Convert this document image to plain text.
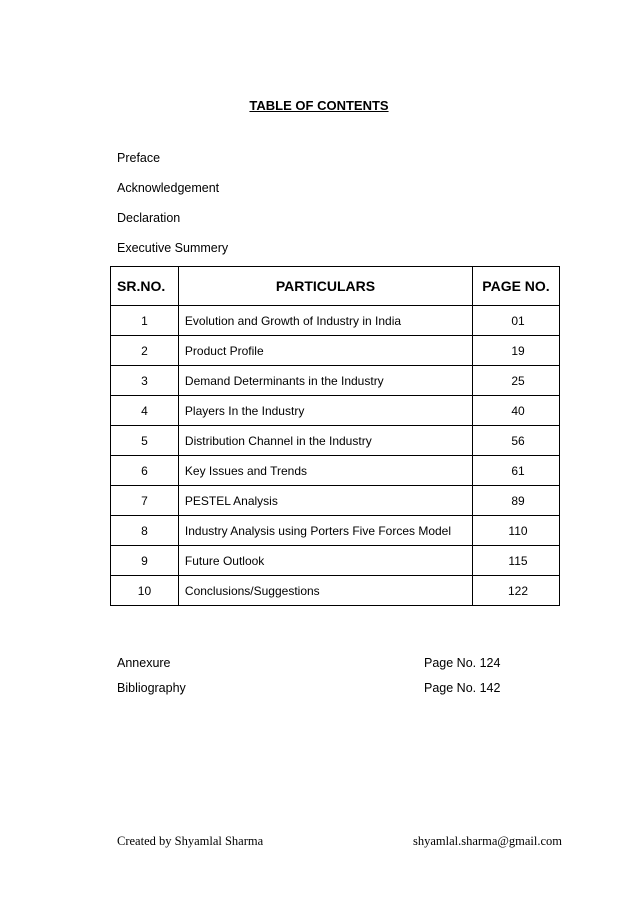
TABLE OF CONTENTS
Preface
Acknowledgement
Declaration
Executive Summery
SR.NO.	PARTICULARS	PAGE NO.
1	Evolution and Growth of Industry in India	01
2	Product Profile	19
3	Demand Determinants in the Industry	25
4	Players In the Industry	40
5	Distribution Channel in the Industry	56
6	Key Issues and Trends	61
7	PESTEL Analysis	89
8	Industry Analysis using Porters Five Forces Model	110
9	Future Outlook	115
10	Conclusions/Suggestions	122
Annexure	Page No. 124
Bibliography	Page No. 142
Created by Shyamlal Sharma	shyamlal.sharma@gmail.com
